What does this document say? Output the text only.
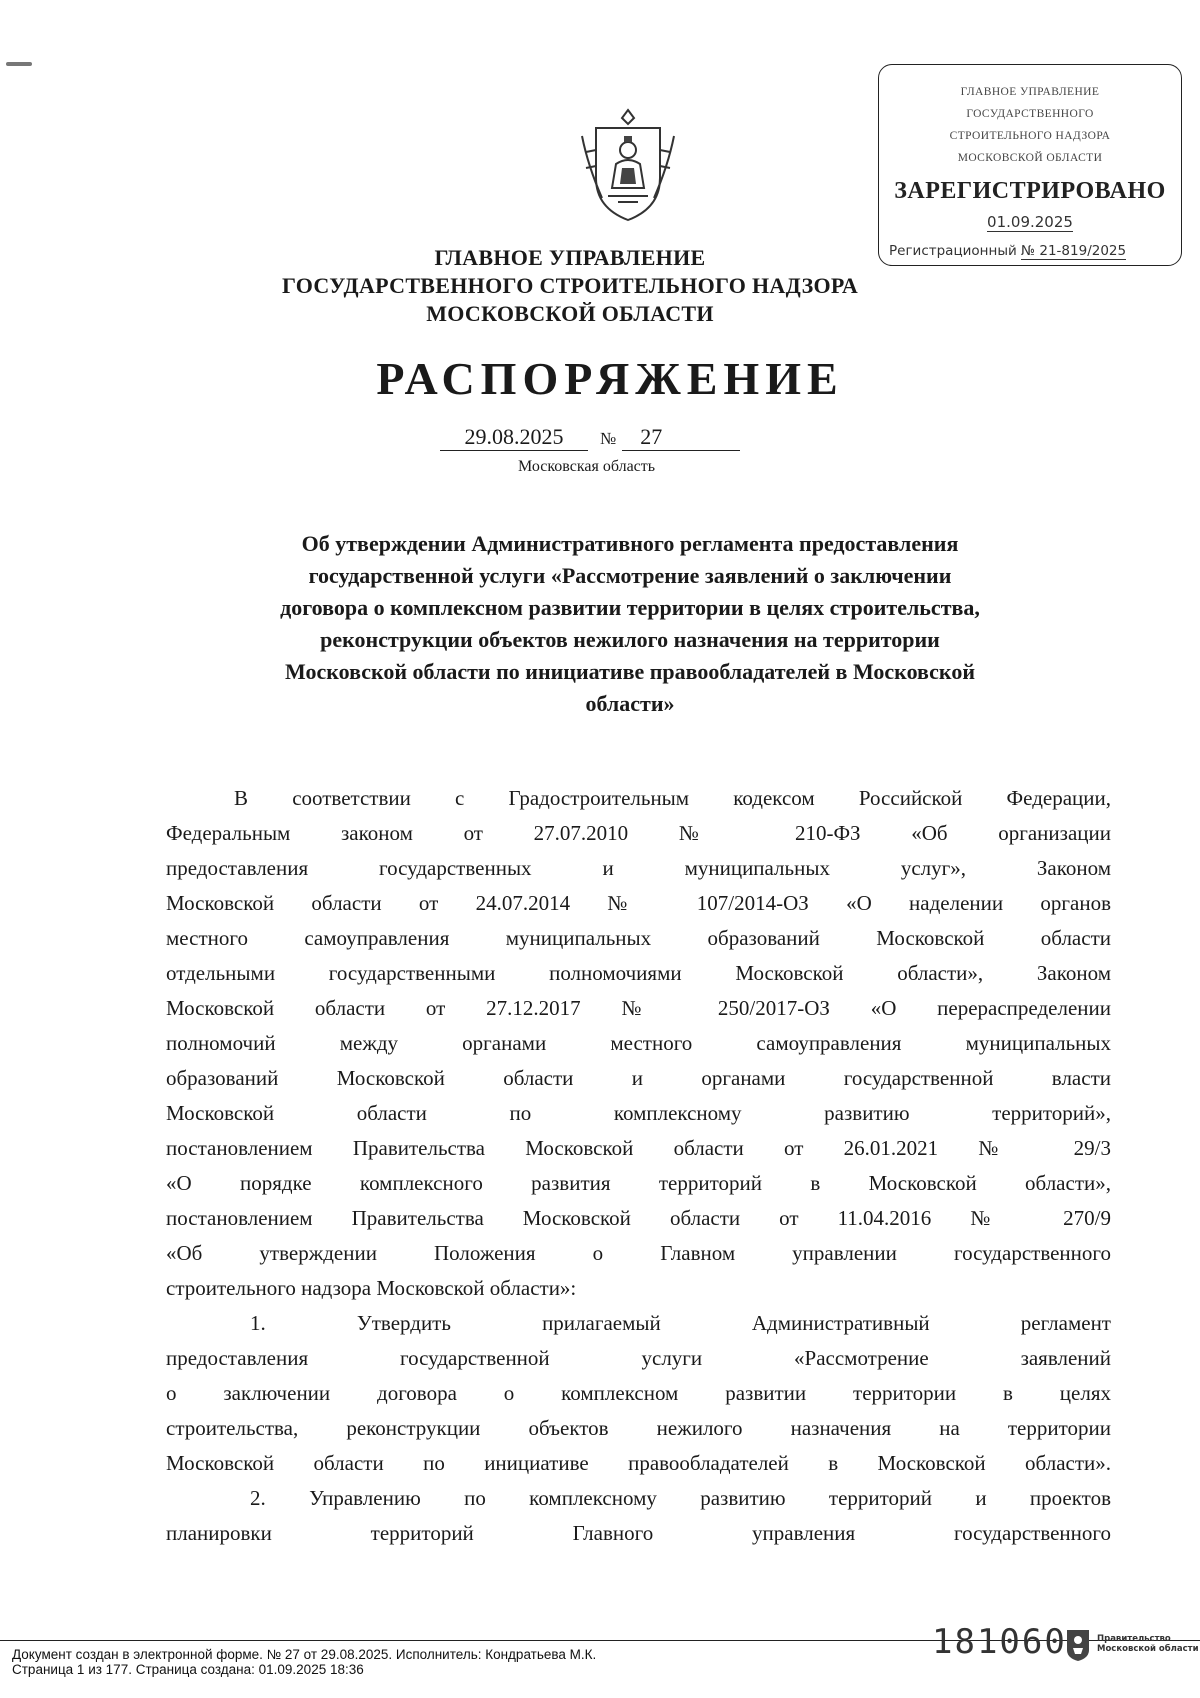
ГЛАВНОЕ УПРАВЛЕНИЕ
ГОСУДАРСТВЕННОГО
СТРОИТЕЛЬНОГО НАДЗОРА
МОСКОВСКОЙ ОБЛАСТИ
ЗАРЕГИСТРИРОВАНО
01.09.2025
Регистрационный № 21-819/2025
ГЛАВНОЕ УПРАВЛЕНИЕ
ГОСУДАРСТВЕННОГО СТРОИТЕЛЬНОГО НАДЗОРА
МОСКОВСКОЙ ОБЛАСТИ
РАСПОРЯЖЕНИЕ
29.08.2025 № 27
Московская область
Об утверждении Административного регламента предоставления
государственной услуги «Рассмотрение заявлений о заключении
договора о комплексном развитии территории в целях строительства,
реконструкции объектов нежилого назначения на территории
Московской области по инициативе правообладателей в Московской
области»
В соответствии с Градостроительным кодексом Российской Федерации,
Федеральным законом от 27.07.2010 № 210-ФЗ «Об организации
предоставления государственных и муниципальных услуг», Законом
Московской области от 24.07.2014 № 107/2014-ОЗ «О наделении органов
местного самоуправления муниципальных образований Московской области
отдельными государственными полномочиями Московской области», Законом
Московской области от 27.12.2017 № 250/2017-ОЗ «О перераспределении
полномочий между органами местного самоуправления муниципальных
образований Московской области и органами государственной власти
Московской области по комплексному развитию территорий»,
постановлением Правительства Московской области от 26.01.2021 № 29/3
«О порядке комплексного развития территорий в Московской области»,
постановлением Правительства Московской области от 11.04.2016 № 270/9
«Об утверждении Положения о Главном управлении государственного
строительного надзора Московской области»:
1. Утвердить прилагаемый Административный регламент
предоставления государственной услуги «Рассмотрение заявлений
о заключении договора о комплексном развитии территории в целях
строительства, реконструкции объектов нежилого назначения на территории
Московской области по инициативе правообладателей в Московской области».
2. Управлению по комплексному развитию территорий и проектов
планировки территорий Главного управления государственного
181060
Документ создан в электронной форме. № 27 от 29.08.2025. Исполнитель: Кондратьева М.К.
Страница 1 из 177. Страница создана: 01.09.2025 18:36
Правительство
Московской области
